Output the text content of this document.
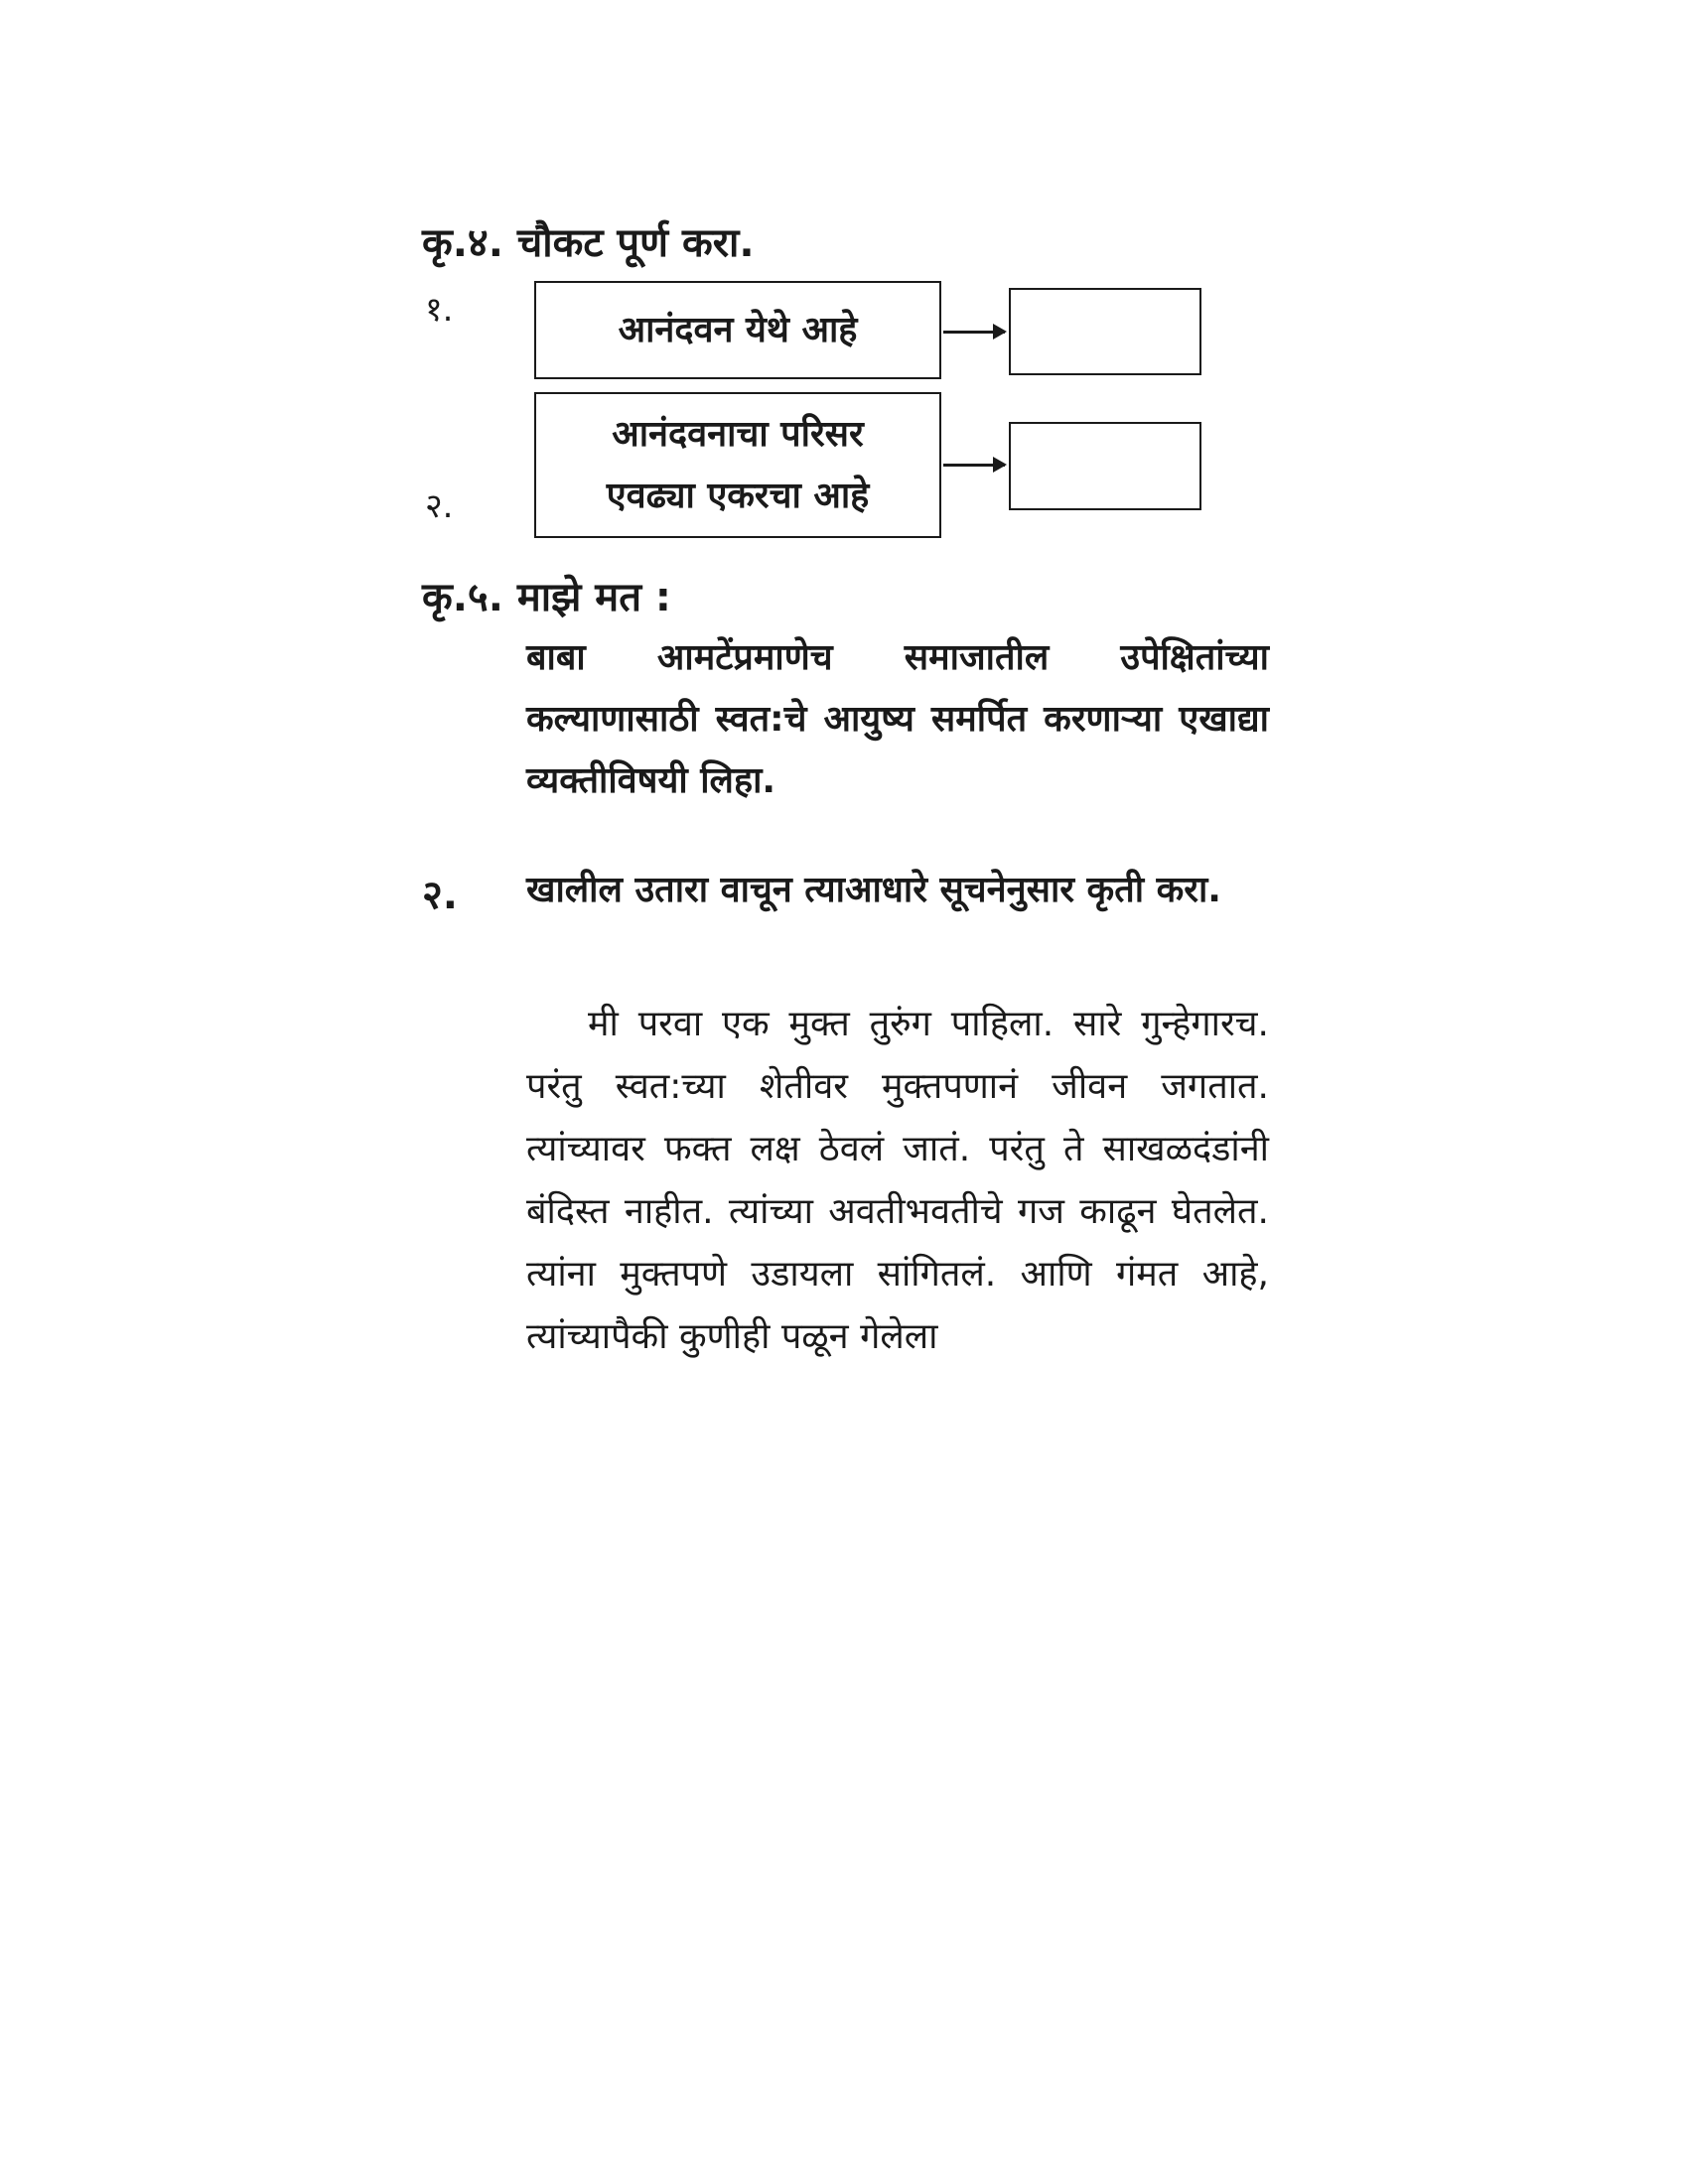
कृ.४. चौकट पूर्ण करा.
१.	आनंदवन येथे आहे
२.
आनंदवनाचा परिसर एवढ्या एकरचा आहे
कृ.५. माझे मत :
बाबा आमटेंप्रमाणेच समाजातील उपेक्षितांच्या कल्याणासाठी स्वत:चे आयुष्य समर्पित करणाऱ्या एखाद्या व्यक्तीविषयी लिहा.
२. खालील उतारा वाचून त्याआधारे सूचनेनुसार कृती करा.
मी परवा एक मुक्त तुरुंग पाहिला. सारे गुन्हेगारच. परंतु स्वत:च्या शेतीवर मुक्तपणानं जीवन जगतात. त्यांच्यावर फक्त लक्ष ठेवलं जातं. परंतु ते साखळदंडांनी बंदिस्त नाहीत. त्यांच्या अवतीभवतीचे गज काढून घेतलेत. त्यांना मुक्तपणे उडायला सांगितलं. आणि गंमत आहे, त्यांच्यापैकी कुणीही पळून गेलेला
